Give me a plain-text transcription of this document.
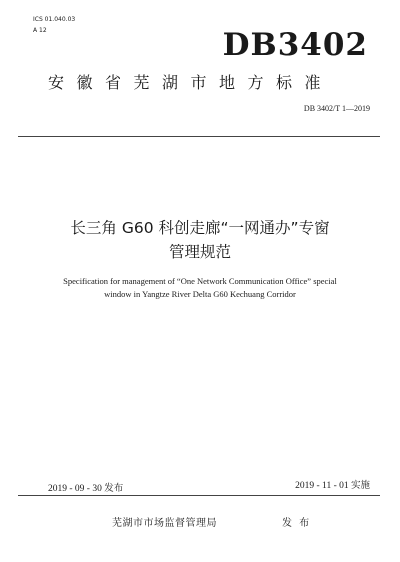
ICS 01.040.03
A 12	DB3402
安徽省芜湖市地方标准
DB 3402/T 1—2019
长三角 G60 科创走廊“一网通办”专窗
管理规范
Specification for management of “One Network Communication Office” special
window in Yangtze River Delta G60 Kechuang Corridor
2019 - 09 - 30 发布	2019 - 11 - 01 实施
芜湖市市场监督管理局	发 布
